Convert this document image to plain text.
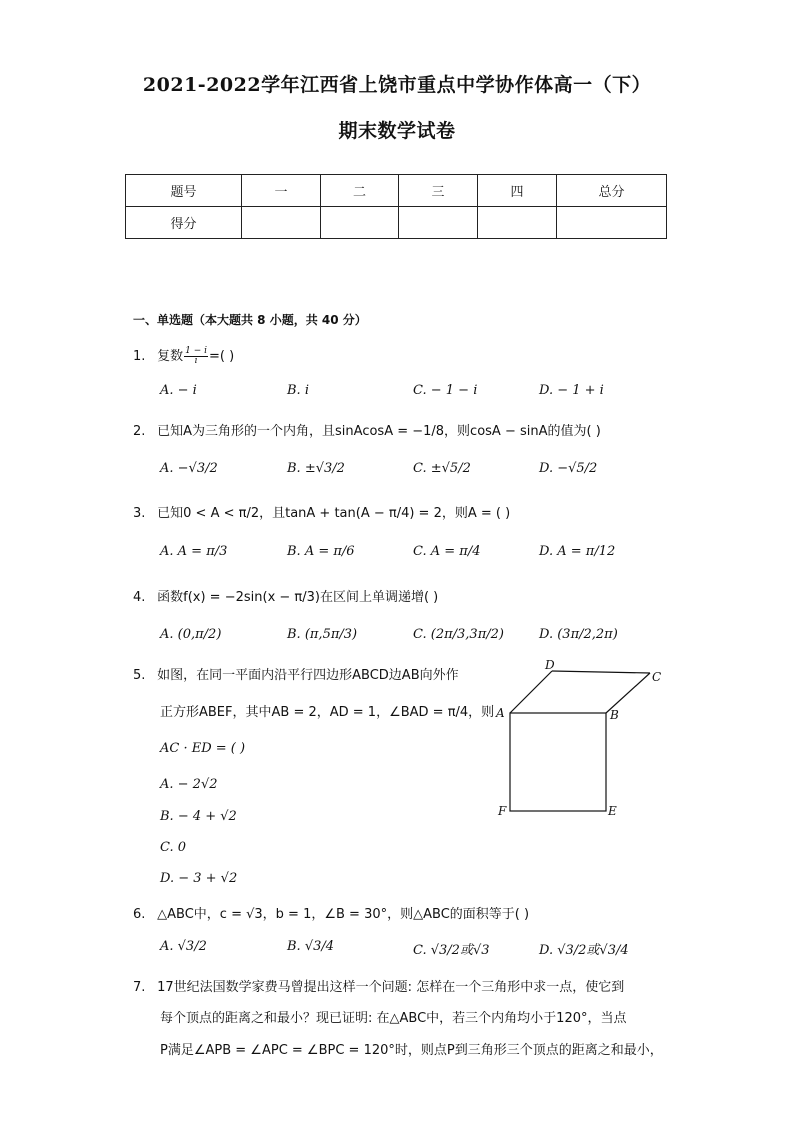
2021-2022学年江西省上饶市重点中学协作体高一（下）
期末数学试卷
题号	一	二	三	四	总分
得分					
一、单选题（本大题共 8 小题，共 40 分）
1. 复数 $\frac{1 - i}{i}$ =( )
A. − i	B. i	C. − 1 − i	D. − 1 + i
2. 已知A为三角形的一个内角，且sinAcosA = −1/8，则cosA − sinA的值为( )
A. −√3/2	B. ±√3/2	C. ±√5/2	D. −√5/2
3. 已知0 < A < π/2，且tanA + tan(A − π/4) = 2，则A = ( )
A. A = π/3	B. A = π/6	C. A = π/4	D. A = π/12
4. 函数f(x) = −2sin(x − π/3)在区间上单调递增( )
A. (0,π/2)	B. (π,5π/3)	C. (2π/3,3π/2)	D. (3π/2,2π)
5. 如图，在同一平面内沿平行四边形ABCD边AB向外作
正方形ABEF，其中AB = 2，AD = 1，∠BAD = π/4，则
AC · ED = ( )
A. − 2√2
B. − 4 + √2
C. 0
D. − 3 + √2
D
C
A	B
F	E
6. △ABC中，c = √3，b = 1，∠B = 30°，则△ABC的面积等于( )
A. √3/2	B. √3/4	C. √3/2或√3	D. √3/2或√3/4
7. 17世纪法国数学家费马曾提出这样一个问题: 怎样在一个三角形中求一点，使它到
每个顶点的距离之和最小？现已证明: 在△ABC中，若三个内角均小于120°，当点
P满足∠APB = ∠APC = ∠BPC = 120°时，则点P到三角形三个顶点的距离之和最小，
